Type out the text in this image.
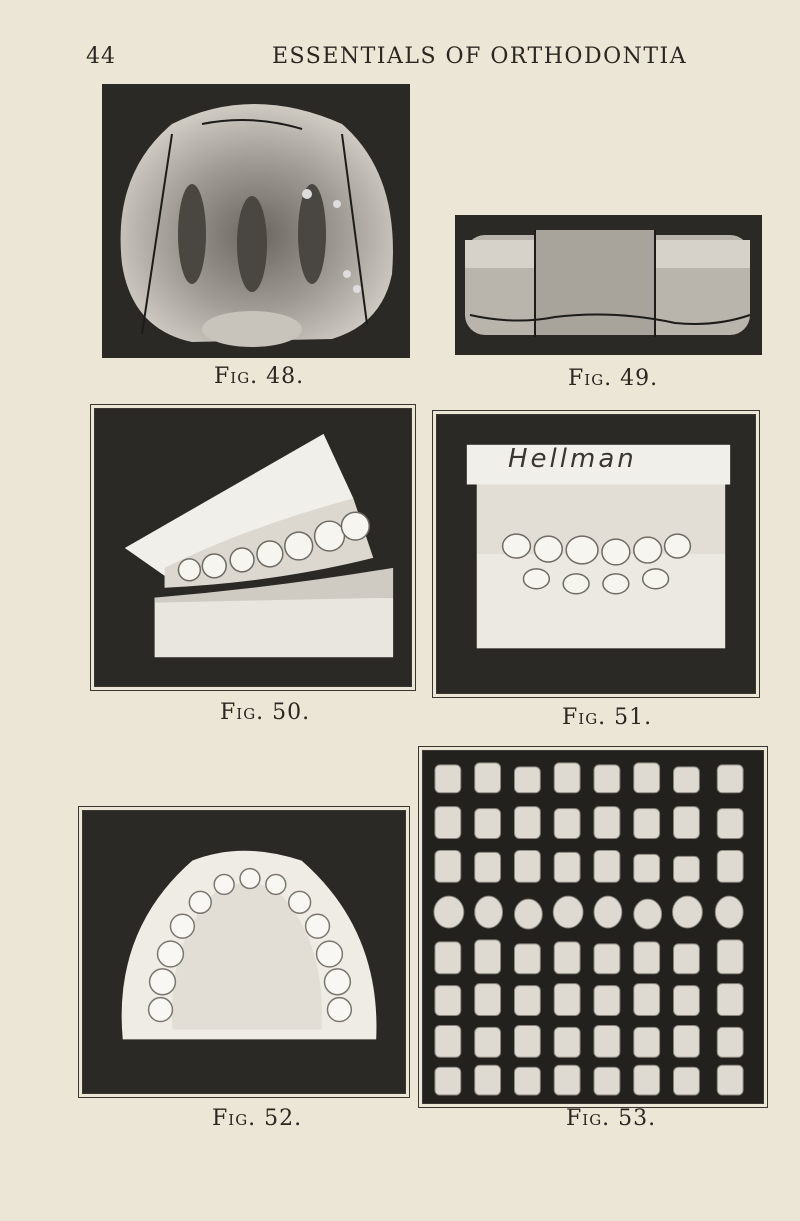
44	ESSENTIALS OF ORTHODONTIA
Fig. 48.	Fig. 49.
Fig. 50.
Hellman
Fig. 51.
Fig. 52.	Fig. 53.
